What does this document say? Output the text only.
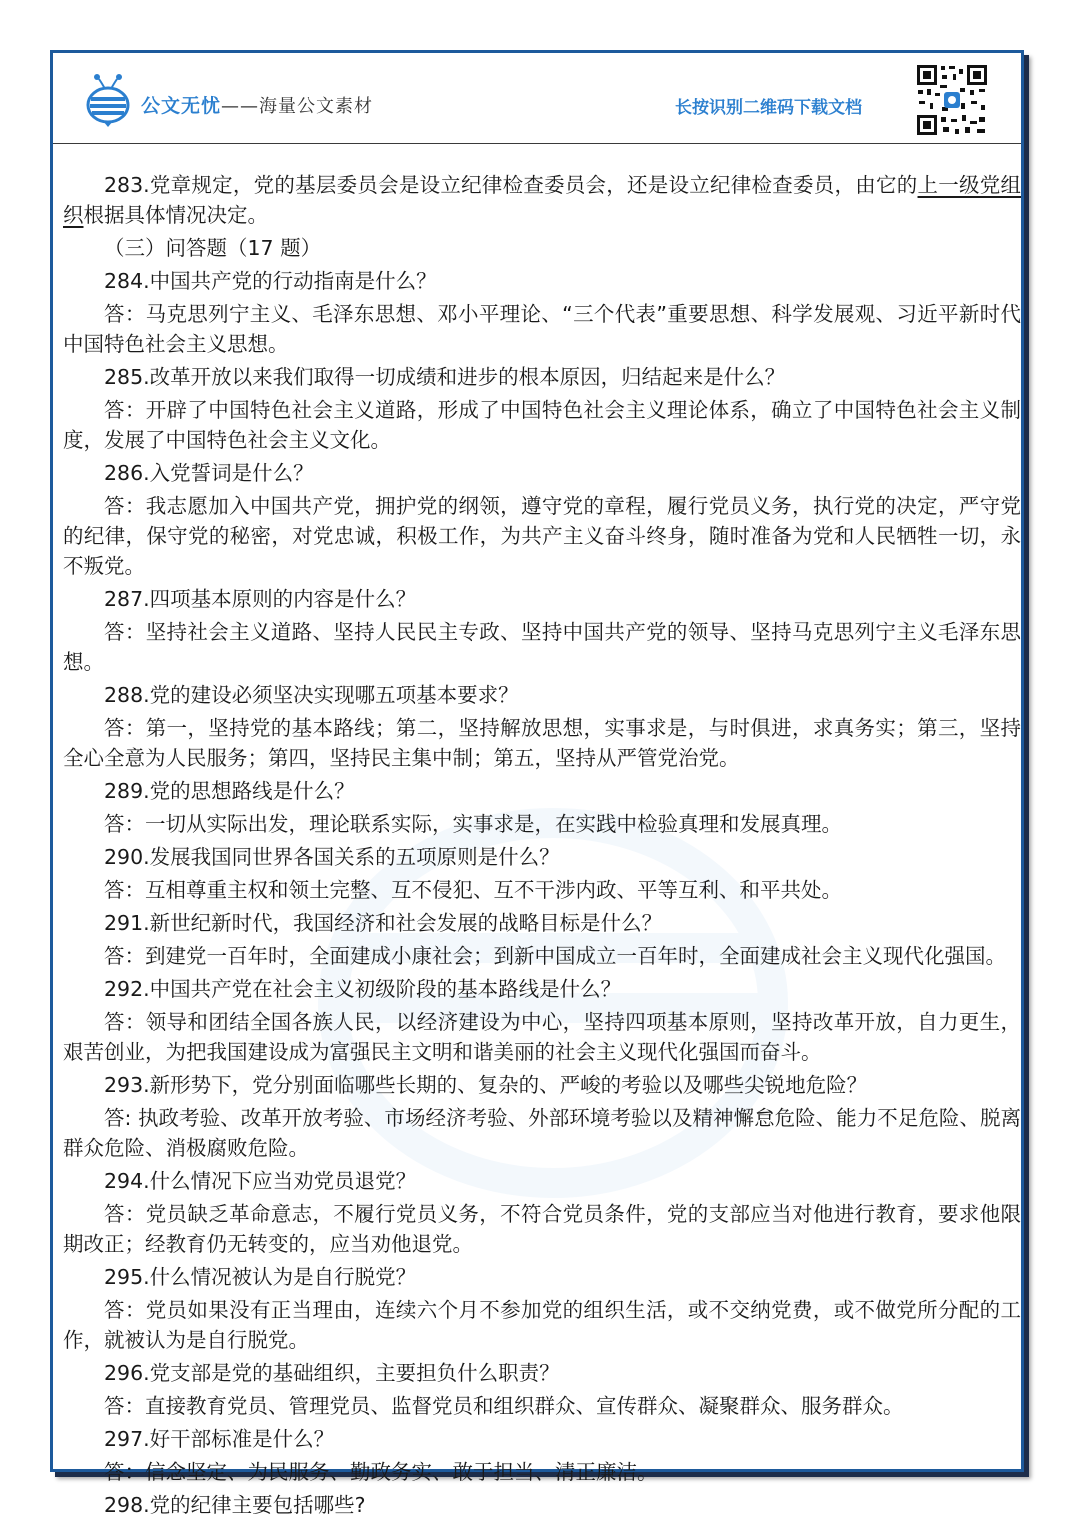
公文无忧——海量公文素材	长按识别二维码下载文档

283.党章规定，党的基层委员会是设立纪律检查委员会，还是设立纪律检查委员，由它的上一级党组织根据具体情况决定。

（三）问答题（17 题）

284.中国共产党的行动指南是什么？

答：马克思列宁主义、毛泽东思想、邓小平理论、“三个代表”重要思想、科学发展观、习近平新时代中国特色社会主义思想。

285.改革开放以来我们取得一切成绩和进步的根本原因，归结起来是什么？

答：开辟了中国特色社会主义道路，形成了中国特色社会主义理论体系，确立了中国特色社会主义制度，发展了中国特色社会主义文化。

286.入党誓词是什么？

答：我志愿加入中国共产党，拥护党的纲领，遵守党的章程，履行党员义务，执行党的决定，严守党的纪律，保守党的秘密，对党忠诚，积极工作，为共产主义奋斗终身，随时准备为党和人民牺牲一切，永不叛党。

287.四项基本原则的内容是什么？

答：坚持社会主义道路、坚持人民民主专政、坚持中国共产党的领导、坚持马克思列宁主义毛泽东思想。

288.党的建设必须坚决实现哪五项基本要求？

答：第一，坚持党的基本路线；第二，坚持解放思想，实事求是，与时俱进，求真务实；第三，坚持全心全意为人民服务；第四，坚持民主集中制；第五，坚持从严管党治党。

289.党的思想路线是什么？

答：一切从实际出发，理论联系实际，实事求是，在实践中检验真理和发展真理。

290.发展我国同世界各国关系的五项原则是什么？

答：互相尊重主权和领土完整、互不侵犯、互不干涉内政、平等互利、和平共处。

291.新世纪新时代，我国经济和社会发展的战略目标是什么？

答：到建党一百年时，全面建成小康社会；到新中国成立一百年时，全面建成社会主义现代化强国。

292.中国共产党在社会主义初级阶段的基本路线是什么？

答：领导和团结全国各族人民，以经济建设为中心，坚持四项基本原则，坚持改革开放，自力更生，艰苦创业，为把我国建设成为富强民主文明和谐美丽的社会主义现代化强国而奋斗。

293.新形势下，党分别面临哪些长期的、复杂的、严峻的考验以及哪些尖锐地危险？

答: 执政考验、改革开放考验、市场经济考验、外部环境考验以及精神懈怠危险、能力不足危险、脱离群众危险、消极腐败危险。

294.什么情况下应当劝党员退党？

答：党员缺乏革命意志，不履行党员义务，不符合党员条件，党的支部应当对他进行教育，要求他限期改正；经教育仍无转变的，应当劝他退党。

295.什么情况被认为是自行脱党？

答：党员如果没有正当理由，连续六个月不参加党的组织生活，或不交纳党费，或不做党所分配的工作，就被认为是自行脱党。

296.党支部是党的基础组织，主要担负什么职责？

答：直接教育党员、管理党员、监督党员和组织群众、宣传群众、凝聚群众、服务群众。

297.好干部标准是什么？

答：信念坚定、为民服务、勤政务实、敢于担当、清正廉洁。

298.党的纪律主要包括哪些?
